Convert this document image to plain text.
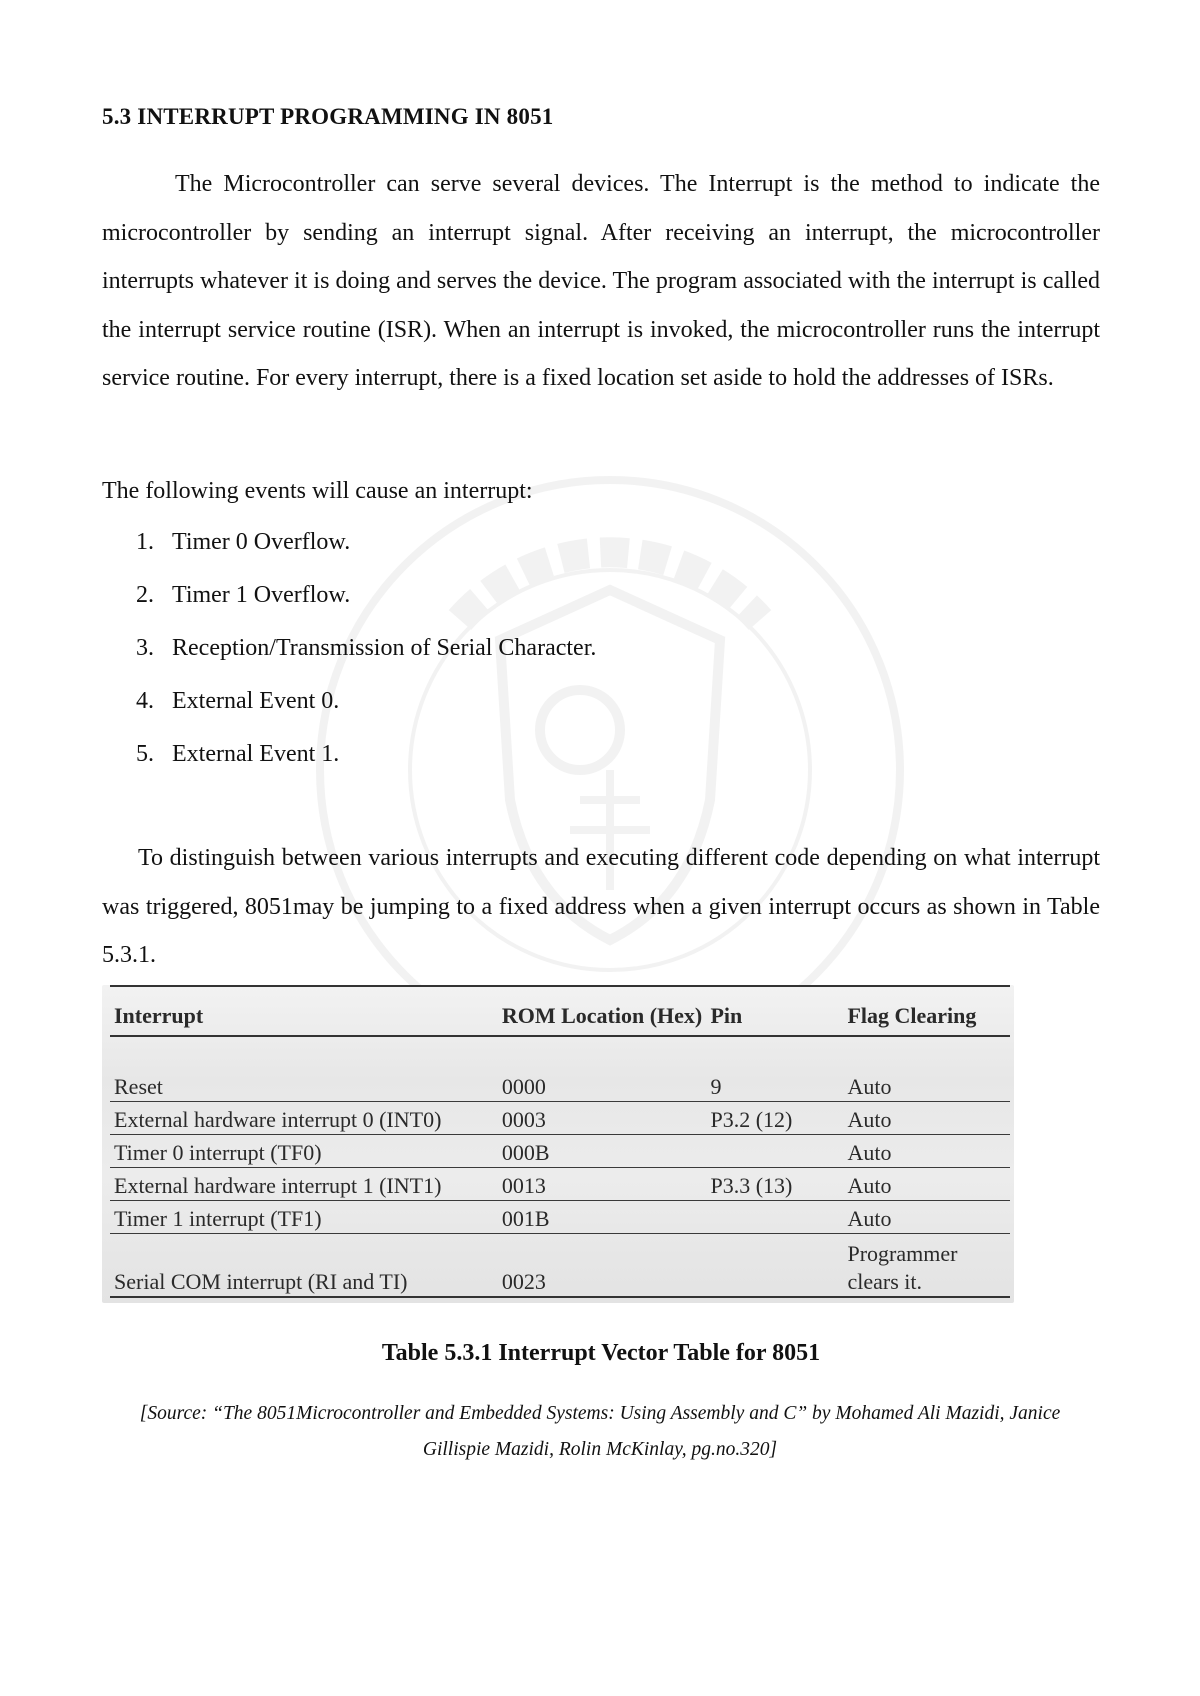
5.3 INTERRUPT PROGRAMMING IN 8051

The Microcontroller can serve several devices. The Interrupt is the method to indicate the microcontroller by sending an interrupt signal. After receiving an interrupt, the microcontroller interrupts whatever it is doing and serves the device. The program associated with the interrupt is called the interrupt service routine (ISR). When an interrupt is invoked, the microcontroller runs the interrupt service routine. For every interrupt, there is a fixed location set aside to hold the addresses of ISRs.

The following events will cause an interrupt:

1. Timer 0 Overflow.
2. Timer 1 Overflow.
3. Reception/Transmission of Serial Character.
4. External Event 0.
5. External Event 1.

To distinguish between various interrupts and executing different code depending on what interrupt was triggered, 8051may be jumping to a fixed address when a given interrupt occurs as shown in Table 5.3.1.

Interrupt	ROM Location (Hex)	Pin	Flag Clearing
Reset	0000	9	Auto
External hardware interrupt 0 (INT0)	0003	P3.2 (12)	Auto
Timer 0 interrupt (TF0)	000B		Auto
External hardware interrupt 1 (INT1)	0013	P3.3 (13)	Auto
Timer 1 interrupt (TF1)	001B		Auto
Serial COM interrupt (RI and TI)	0023		Programmer clears it.

Table 5.3.1 Interrupt Vector Table for 8051

[Source: “The 8051Microcontroller and Embedded Systems: Using Assembly and C” by Mohamed Ali Mazidi, Janice Gillispie Mazidi, Rolin McKinlay, pg.no.320]
